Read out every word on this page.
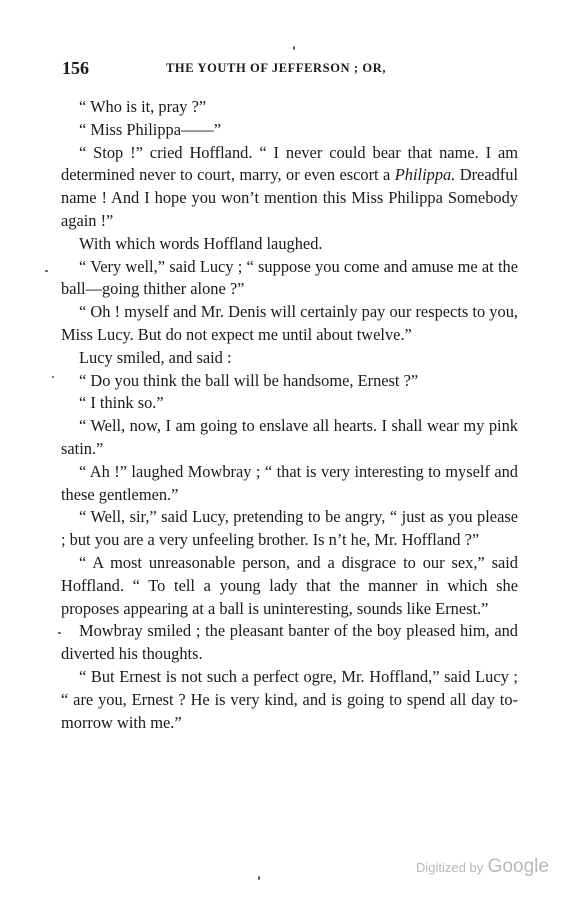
156	THE YOUTH OF JEFFERSON ; OR,

“ Who is it, pray ?”

“ Miss Philippa——”

“ Stop !” cried Hoffland. “ I never could bear that name. I am determined never to court, marry, or even escort a Philippa. Dreadful name ! And I hope you won’t mention this Miss Philippa Somebody again !”

With which words Hoffland laughed.

“ Very well,” said Lucy ; “ suppose you come and amuse me at the ball—going thither alone ?”

“ Oh ! myself and Mr. Denis will certainly pay our respects to you, Miss Lucy. But do not expect me until about twelve.”

Lucy smiled, and said :

“ Do you think the ball will be handsome, Ernest ?”

“ I think so.”

“ Well, now, I am going to enslave all hearts. I shall wear my pink satin.”

“ Ah !” laughed Mowbray ; “ that is very interesting to myself and these gentlemen.”

“ Well, sir,” said Lucy, pretending to be angry, “ just as you please ; but you are a very unfeeling brother. Is n’t he, Mr. Hoffland ?”

“ A most unreasonable person, and a disgrace to our sex,” said Hoffland. “ To tell a young lady that the manner in which she proposes appearing at a ball is uninteresting, sounds like Ernest.”

Mowbray smiled ; the pleasant banter of the boy pleased him, and diverted his thoughts.

“ But Ernest is not such a perfect ogre, Mr. Hoffland,” said Lucy ; “ are you, Ernest ? He is very kind, and is going to spend all day to-morrow with me.”

Digitized by Google
